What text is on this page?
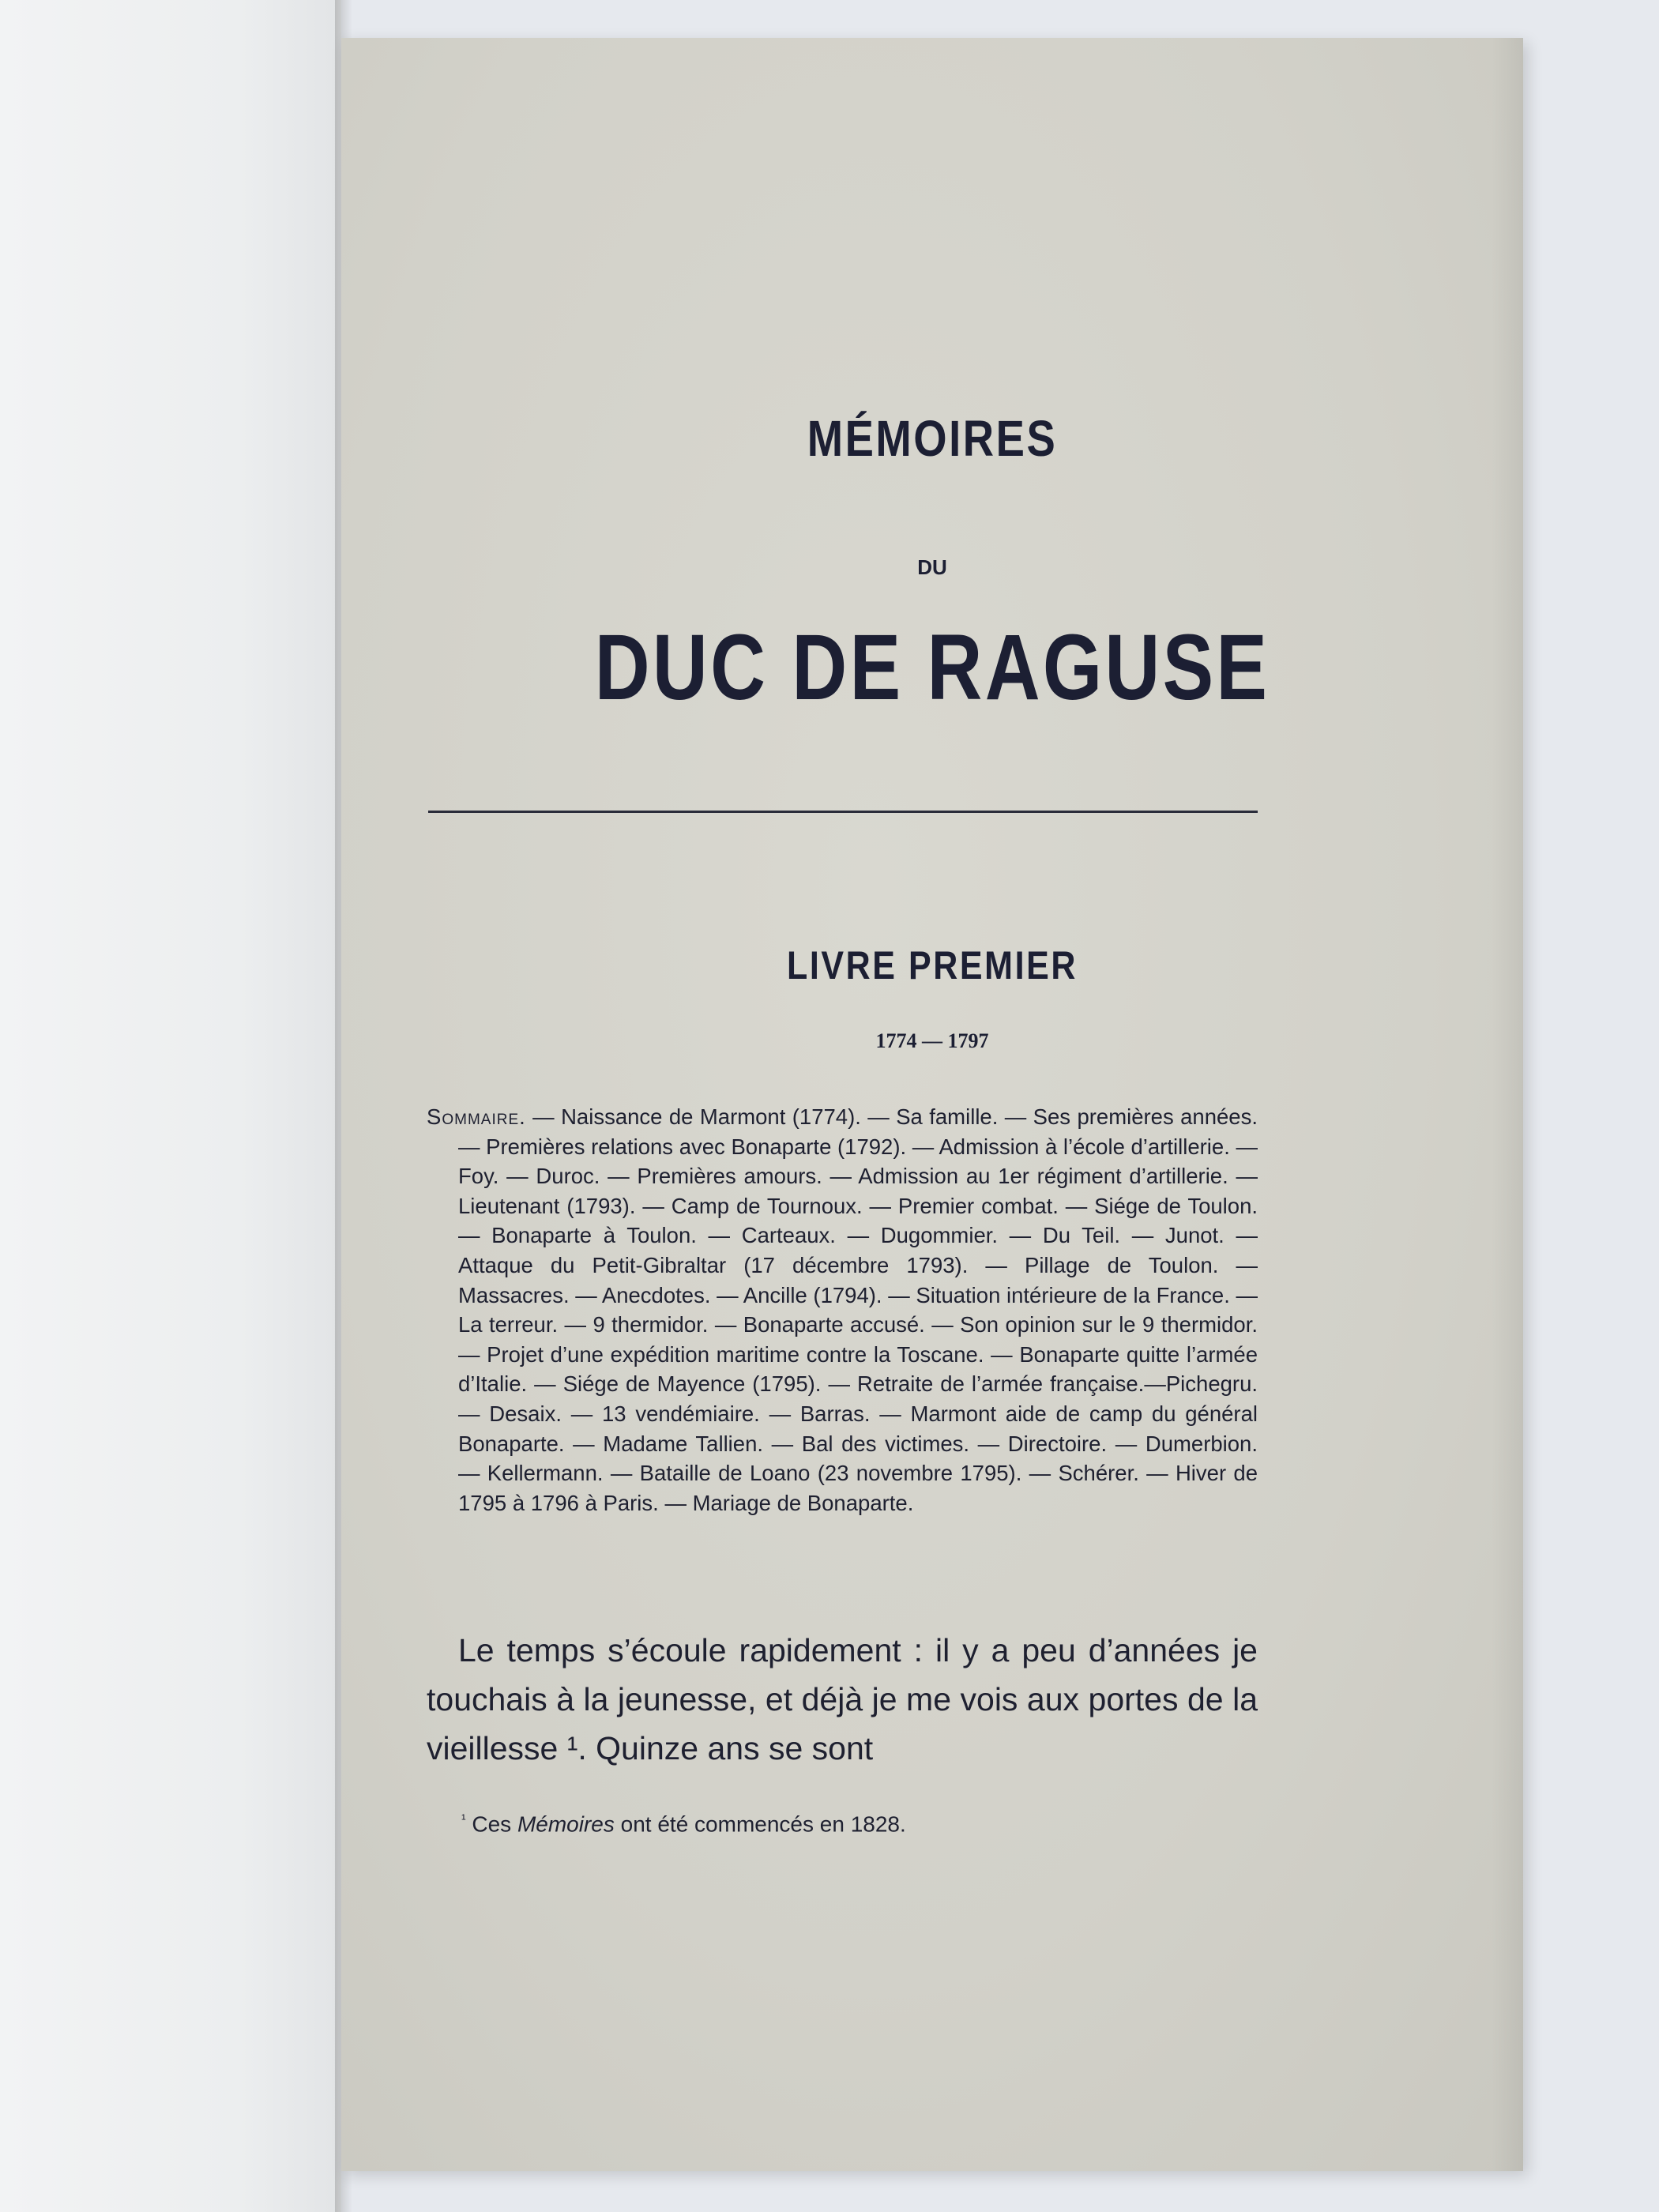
MÉMOIRES
DU
DUC DE RAGUSE
LIVRE PREMIER
1774 — 1797

Sommaire. — Naissance de Marmont (1774). — Sa famille. — Ses premières années. — Premières relations avec Bonaparte (1792). — Admission à l’école d’artillerie. — Foy. — Duroc. — Premières amours. — Admission au 1er régiment d’artillerie. — Lieutenant (1793). — Camp de Tournoux. — Premier combat. — Siége de Toulon. — Bonaparte à Toulon. — Carteaux. — Dugommier. — Du Teil. — Junot. — Attaque du Petit-Gibraltar (17 décembre 1793). — Pillage de Toulon. — Massacres. — Anecdotes. — Ancille (1794). — Situation intérieure de la France. — La terreur. — 9 thermidor. — Bonaparte accusé. — Son opinion sur le 9 thermidor. — Projet d’une expédition maritime contre la Toscane. — Bonaparte quitte l’armée d’Italie. — Siége de Mayence (1795). — Retraite de l’armée française.—Pichegru. — Desaix. — 13 vendémiaire. — Barras. — Marmont aide de camp du général Bonaparte. — Madame Tallien. — Bal des victimes. — Directoire. — Dumerbion. — Kellermann. — Bataille de Loano (23 novembre 1795). — Schérer. — Hiver de 1795 à 1796 à Paris. — Mariage de Bonaparte.

Le temps s’écoule rapidement : il y a peu d’années je touchais à la jeunesse, et déjà je me vois aux portes de la vieillesse ¹. Quinze ans se sont

$^{^1}$ Ces Mémoires ont été commencés en 1828.
